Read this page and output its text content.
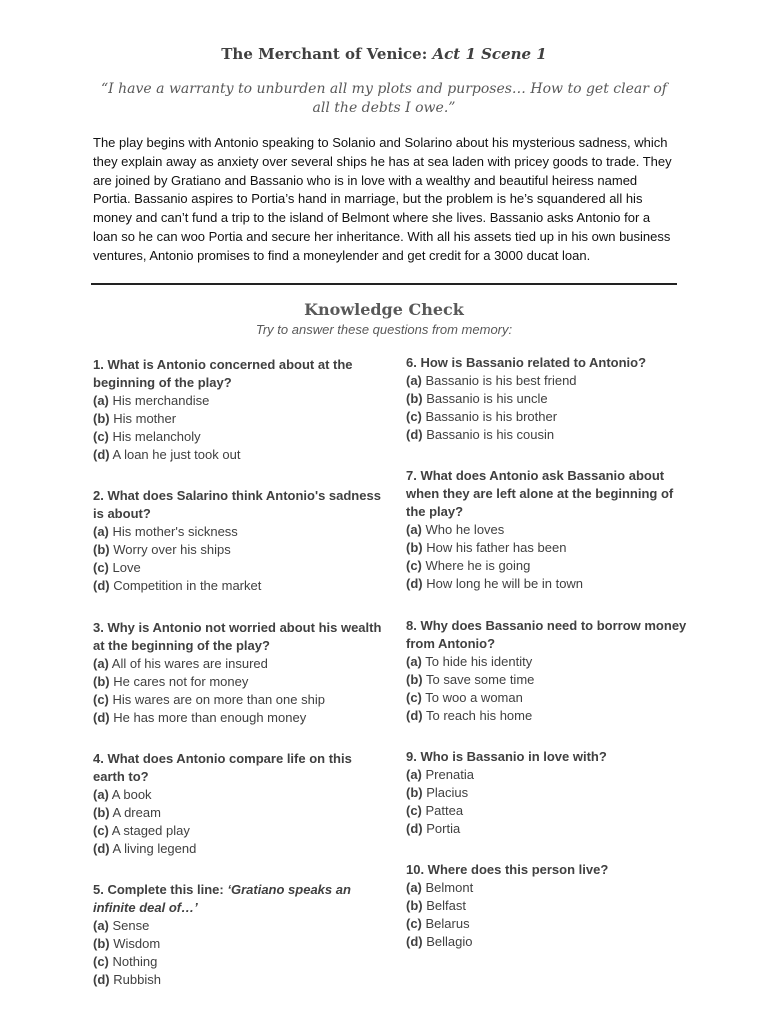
The Merchant of Venice: Act 1 Scene 1
“I have a warranty to unburden all my plots and purposes… How to get clear of all the debts I owe.”
The play begins with Antonio speaking to Solanio and Solarino about his mysterious sadness, which they explain away as anxiety over several ships he has at sea laden with pricey goods to trade. They are joined by Gratiano and Bassanio who is in love with a wealthy and beautiful heiress named Portia. Bassanio aspires to Portia’s hand in marriage, but the problem is he’s squandered all his money and can’t fund a trip to the island of Belmont where she lives. Bassanio asks Antonio for a loan so he can woo Portia and secure her inheritance. With all his assets tied up in his own business ventures, Antonio promises to find a moneylender and get credit for a 3000 ducat loan.
Knowledge Check
Try to answer these questions from memory:
1. What is Antonio concerned about at the beginning of the play?
(a) His merchandise
(b) His mother
(c) His melancholy
(d) A loan he just took out
2. What does Salarino think Antonio's sadness is about?
(a) His mother's sickness
(b) Worry over his ships
(c) Love
(d) Competition in the market
3. Why is Antonio not worried about his wealth at the beginning of the play?
(a) All of his wares are insured
(b) He cares not for money
(c) His wares are on more than one ship
(d) He has more than enough money
4. What does Antonio compare life on this earth to?
(a) A book
(b) A dream
(c) A staged play
(d) A living legend
5. Complete this line: ‘Gratiano speaks an infinite deal of…’
(a) Sense
(b) Wisdom
(c) Nothing
(d) Rubbish
6. How is Bassanio related to Antonio?
(a) Bassanio is his best friend
(b) Bassanio is his uncle
(c) Bassanio is his brother
(d) Bassanio is his cousin
7. What does Antonio ask Bassanio about when they are left alone at the beginning of the play?
(a) Who he loves
(b) How his father has been
(c) Where he is going
(d) How long he will be in town
8. Why does Bassanio need to borrow money from Antonio?
(a) To hide his identity
(b) To save some time
(c) To woo a woman
(d) To reach his home
9. Who is Bassanio in love with?
(a) Prenatia
(b) Placius
(c) Pattea
(d) Portia
10. Where does this person live?
(a) Belmont
(b) Belfast
(c) Belarus
(d) Bellagio
